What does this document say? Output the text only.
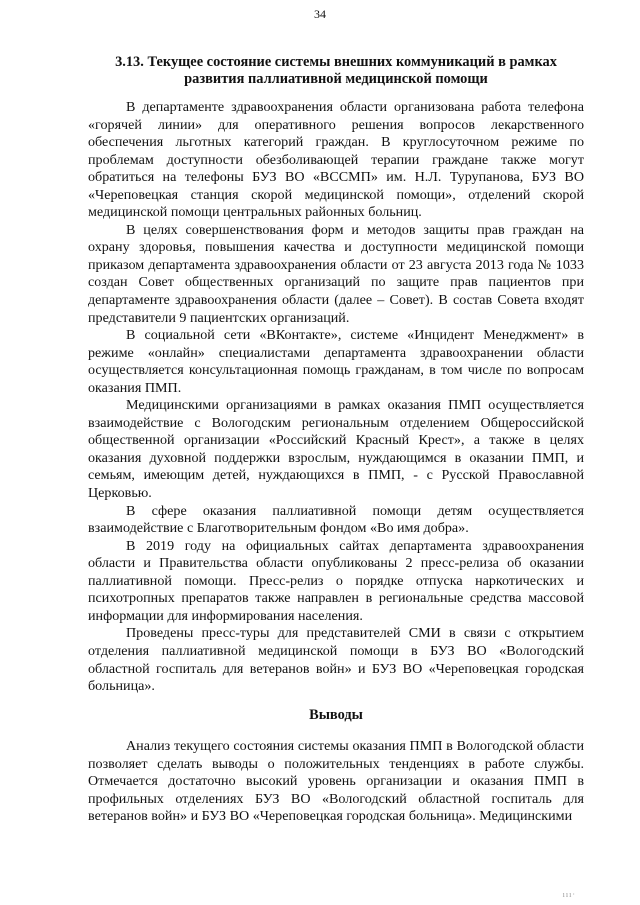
34
3.13. Текущее состояние системы внешних коммуникаций в рамках развития паллиативной медицинской помощи

В департаменте здравоохранения области организована работа телефона «горячей линии» для оперативного решения вопросов лекарственного обеспечения льготных категорий граждан. В круглосуточном режиме по проблемам доступности обезболивающей терапии граждане также могут обратиться на телефоны БУЗ ВО «ВССМП» им. Н.Л. Турупанова, БУЗ ВО «Череповецкая станция скорой медицинской помощи», отделений скорой медицинской помощи центральных районных больниц.

В целях совершенствования форм и методов защиты прав граждан на охрану здоровья, повышения качества и доступности медицинской помощи приказом департамента здравоохранения области от 23 августа 2013 года № 1033 создан Совет общественных организаций по защите прав пациентов при департаменте здравоохранения области (далее – Совет). В состав Совета входят представители 9 пациентских организаций.

В социальной сети «ВКонтакте», системе «Инцидент Менеджмент» в режиме «онлайн» специалистами департамента здравоохранении области осуществляется консультационная помощь гражданам, в том числе по вопросам оказания ПМП.

Медицинскими организациями в рамках оказания ПМП осуществляется взаимодействие с Вологодским региональным отделением Общероссийской общественной организации «Российский Красный Крест», а также в целях оказания духовной поддержки взрослым, нуждающимся в оказании ПМП, и семьям, имеющим детей, нуждающихся в ПМП, - с Русской Православной Церковью.

В сфере оказания паллиативной помощи детям осуществляется взаимодействие с Благотворительным фондом «Во имя добра».

В 2019 году на официальных сайтах департамента здравоохранения области и Правительства области опубликованы 2 пресс-релиза об оказании паллиативной помощи. Пресс-релиз о порядке отпуска наркотических и психотропных препаратов также направлен в региональные средства массовой информации для информирования населения.

Проведены пресс-туры для представителей СМИ в связи с открытием отделения паллиативной медицинской помощи в БУЗ ВО «Вологодский областной госпиталь для ветеранов войн» и БУЗ ВО «Череповецкая городская больница».

Выводы

Анализ текущего состояния системы оказания ПМП в Вологодской области позволяет сделать выводы о положительных тенденциях в работе службы. Отмечается достаточно высокий уровень организации и оказания ПМП в профильных отделениях БУЗ ВО «Вологодский областной госпиталь для ветеранов войн» и БУЗ ВО «Череповецкая городская больница». Медицинскими

ııı·
